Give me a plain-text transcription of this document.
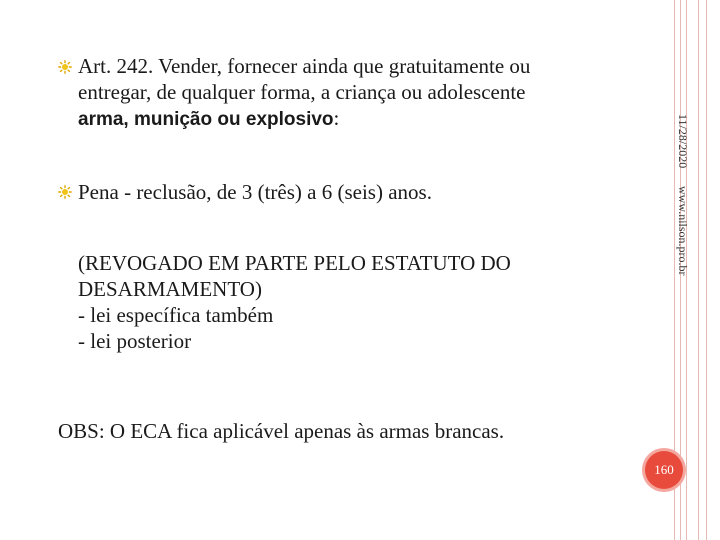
11/28/2020
www.nilson.pro.br
Art. 242. Vender, fornecer ainda que gratuitamente ou
entregar, de qualquer forma, a criança ou adolescente
arma, munição ou explosivo:
Pena - reclusão, de 3 (três) a 6 (seis) anos.
(REVOGADO EM PARTE PELO ESTATUTO DO
DESARMAMENTO)
- lei específica também
- lei posterior
OBS: O ECA fica aplicável apenas às armas brancas.
160
